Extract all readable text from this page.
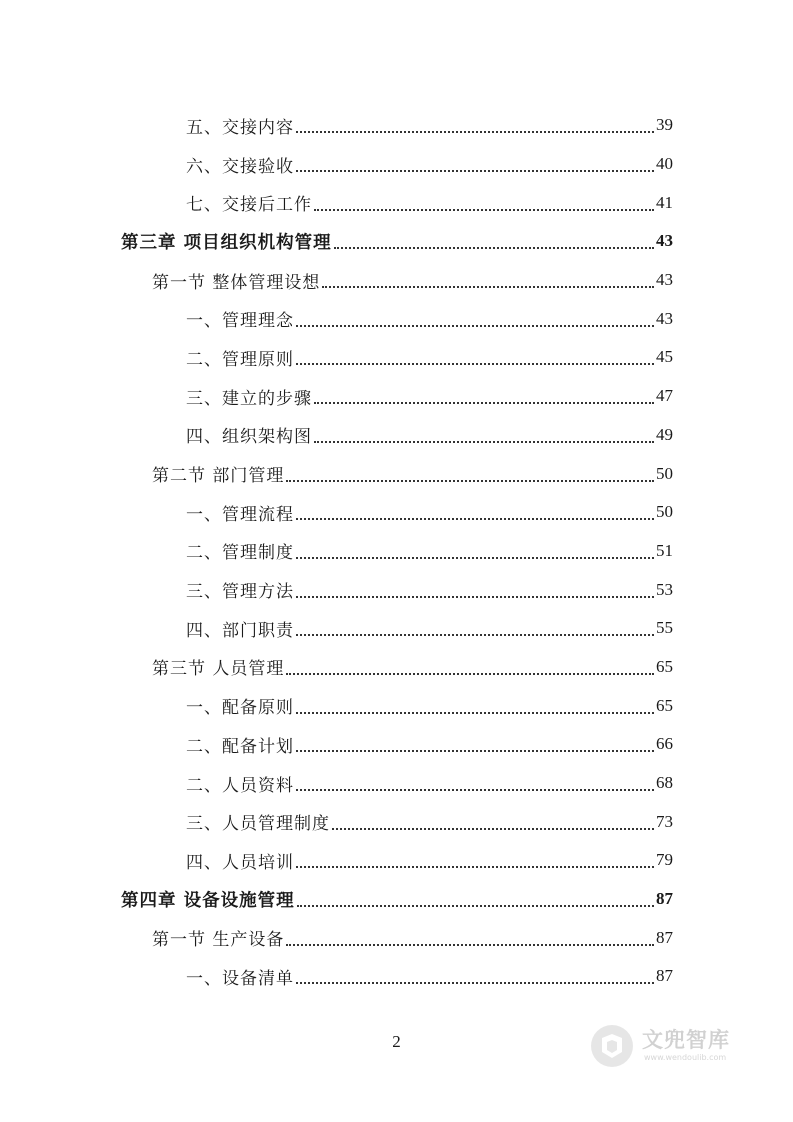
五、交接内容	39
六、交接验收	40
七、交接后工作	41
第三章 项目组织机构管理	43
第一节 整体管理设想	43
一、管理理念	43
二、管理原则	45
三、建立的步骤	47
四、组织架构图	49
第二节 部门管理	50
一、管理流程	50
二、管理制度	51
三、管理方法	53
四、部门职责	55
第三节 人员管理	65
一、配备原则	65
二、配备计划	66
二、人员资料	68
三、人员管理制度	73
四、人员培训	79
第四章 设备设施管理	87
第一节 生产设备	87
一、设备清单	87
2	文兜智库
www.wendoulib.com
